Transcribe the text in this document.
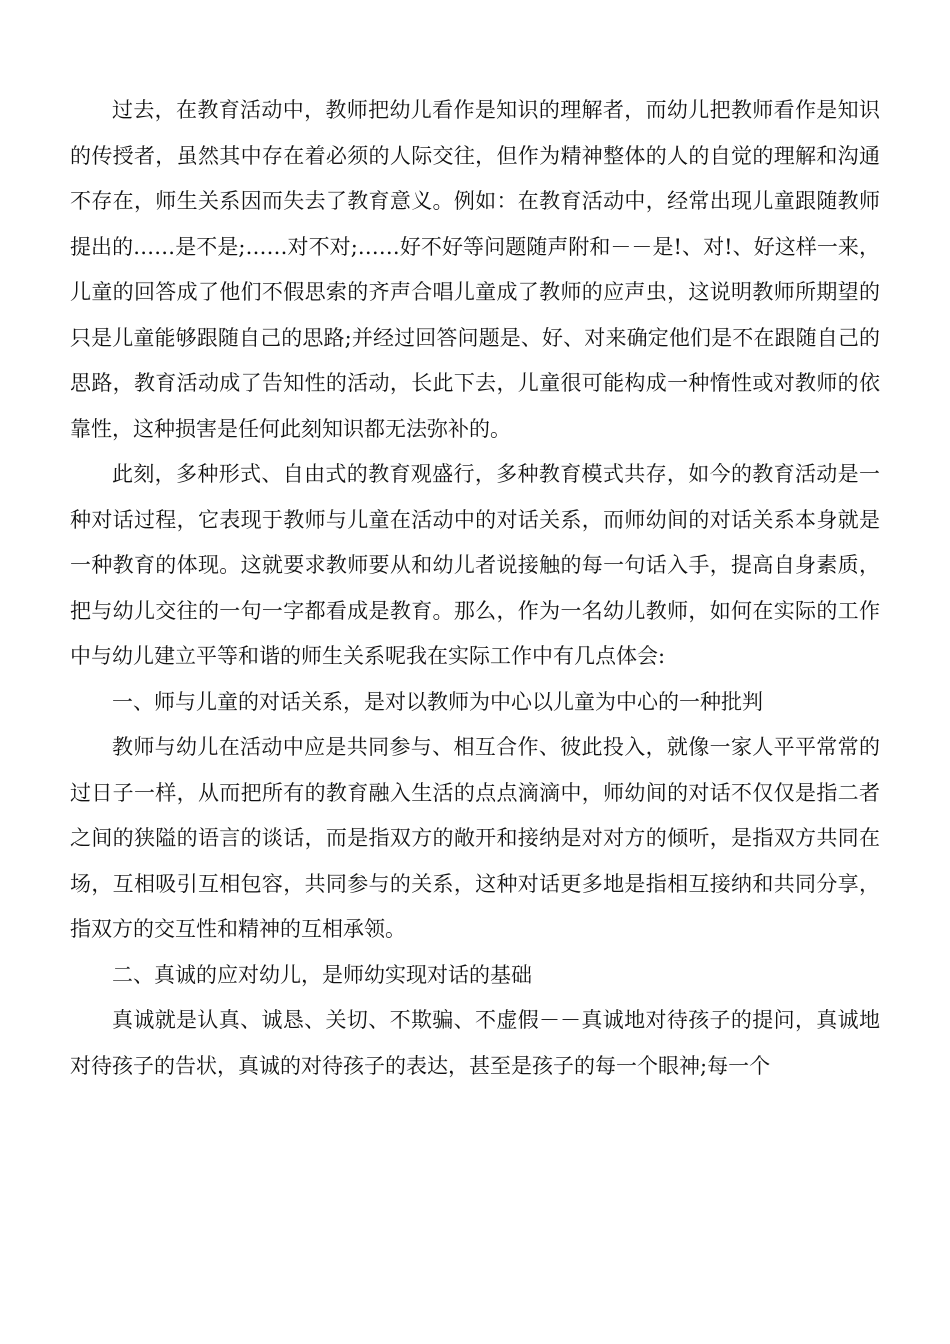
过去，在教育活动中，教师把幼儿看作是知识的理解者，而幼儿把教师看作是知识的传授者，虽然其中存在着必须的人际交往，但作为精神整体的人的自觉的理解和沟通不存在，师生关系因而失去了教育意义。例如：在教育活动中，经常出现儿童跟随教师提出的……是不是;……对不对;……好不好等问题随声附和－－是!、对!、好这样一来，儿童的回答成了他们不假思索的齐声合唱儿童成了教师的应声虫，这说明教师所期望的只是儿童能够跟随自己的思路;并经过回答问题是、好、对来确定他们是不在跟随自己的思路，教育活动成了告知性的活动，长此下去，儿童很可能构成一种惰性或对教师的依靠性，这种损害是任何此刻知识都无法弥补的。

此刻，多种形式、自由式的教育观盛行，多种教育模式共存，如今的教育活动是一种对话过程，它表现于教师与儿童在活动中的对话关系，而师幼间的对话关系本身就是一种教育的体现。这就要求教师要从和幼儿者说接触的每一句话入手，提高自身素质，把与幼儿交往的一句一字都看成是教育。那么，作为一名幼儿教师，如何在实际的工作中与幼儿建立平等和谐的师生关系呢我在实际工作中有几点体会:

一、师与儿童的对话关系，是对以教师为中心以儿童为中心的一种批判

教师与幼儿在活动中应是共同参与、相互合作、彼此投入，就像一家人平平常常的过日子一样，从而把所有的教育融入生活的点点滴滴中，师幼间的对话不仅仅是指二者之间的狭隘的语言的谈话，而是指双方的敞开和接纳是对对方的倾听，是指双方共同在场，互相吸引互相包容，共同参与的关系，这种对话更多地是指相互接纳和共同分享，指双方的交互性和精神的互相承领。

二、真诚的应对幼儿，是师幼实现对话的基础

真诚就是认真、诚恳、关切、不欺骗、不虚假－－真诚地对待孩子的提问，真诚地对待孩子的告状，真诚的对待孩子的表达，甚至是孩子的每一个眼神;每一个
